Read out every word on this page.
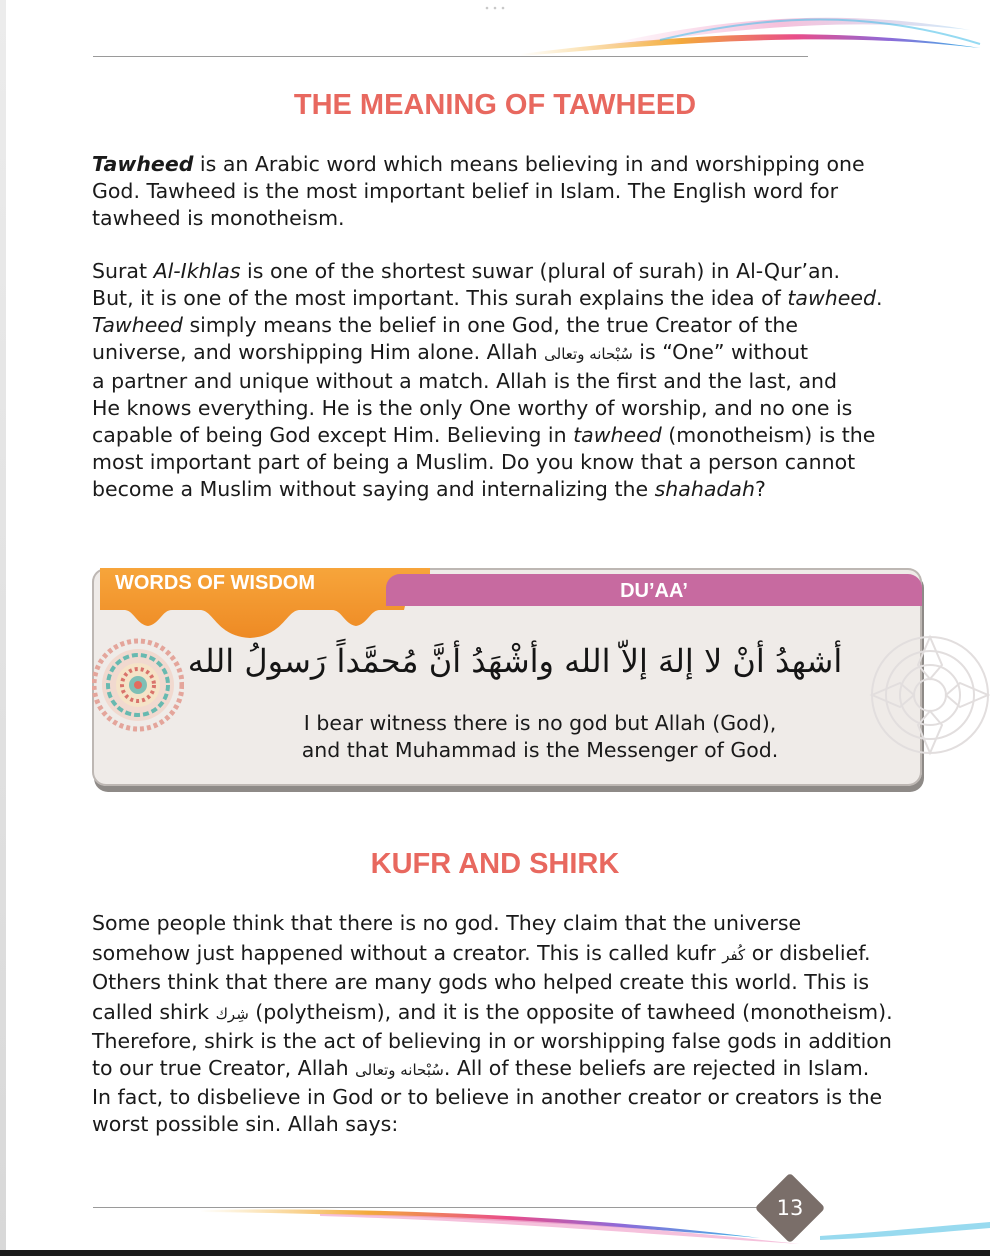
THE MEANING OF TAWHEED

Tawheed is an Arabic word which means believing in and worshipping one

God. Tawheed is the most important belief in Islam. The English word for

tawheed is monotheism.

Surat Al-Ikhlas is one of the shortest suwar (plural of surah) in Al-Qur’an.

But, it is one of the most important. This surah explains the idea of tawheed.

Tawheed simply means the belief in one God, the true Creator of the

universe, and worshipping Him alone. Allah سُبْحانه وتعالى is “One” without

a partner and unique without a match. Allah is the first and the last, and

He knows everything. He is the only One worthy of worship, and no one is

capable of being God except Him. Believing in tawheed (monotheism) is the

most important part of being a Muslim. Do you know that a person cannot

become a Muslim without saying and internalizing the shahadah?

WORDS OF WISDOM	DU’AA’
أشهدُ أنْ لا إلهَ إلاّ الله وأشْهَدُ أنَّ مُحمَّداً رَسولُ الله

I bear witness there is no god but Allah (God),

and that Muhammad is the Messenger of God.

KUFR AND SHIRK

Some people think that there is no god. They claim that the universe

somehow just happened without a creator. This is called kufr كُفر or disbelief.

Others think that there are many gods who helped create this world. This is

called shirk شِرك (polytheism), and it is the opposite of tawheed (monotheism).

Therefore, shirk is the act of believing in or worshipping false gods in addition

to our true Creator, Allah سُبْحانه وتعالى. All of these beliefs are rejected in Islam.

In fact, to disbelieve in God or to believe in another creator or creators is the

worst possible sin. Allah says:

13
